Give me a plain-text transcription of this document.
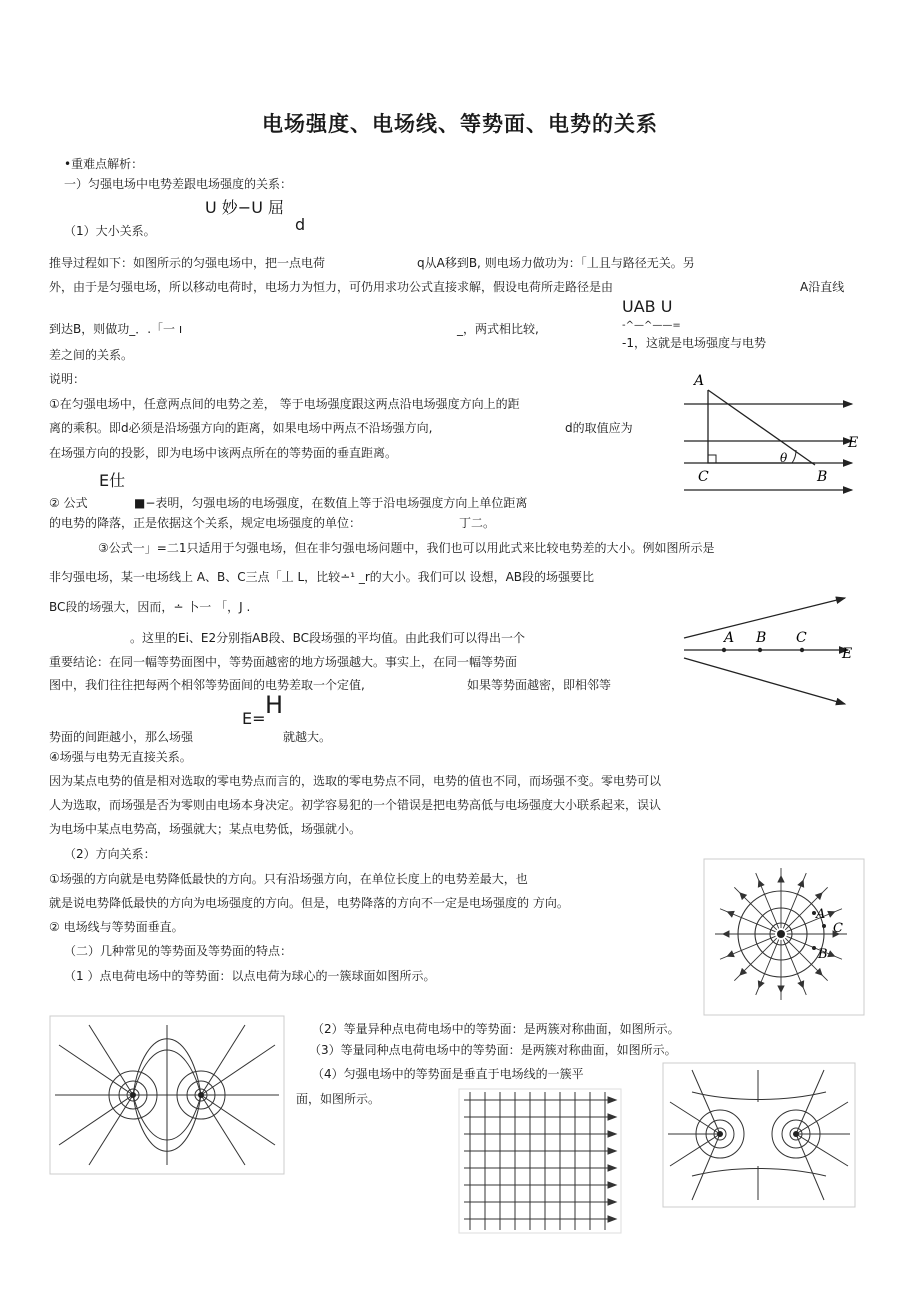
电场强度、电场线、等势面、电势的关系
•重难点解析：
一）匀强电场中电势差跟电场强度的关系：
U 妙−U 屈
d
（1）大小关系。
推导过程如下：如图所示的匀强电场中，把一点电荷	q从A移到B, 则电场力做功为：「丄且与路径无关。另
外，由于是匀强电场，所以移动电荷时，电场力为恒力，可仍用求功公式直接求解，假设电荷所走路径是由	A沿直线
UAB U
-^—^——=
到达B，则做功_．.「一 ı	_，两式相比较,
-1，这就是电场强度与电势
差之间的关系。
说明：
①在匀强电场中，任意两点间的电势之差， 等于电场强度跟这两点沿电场强度方向上的距
离的乘积。即d必须是沿场强方向的距离，如果电场中两点不沿场强方向,	d的取值应为
在场强方向的投影，即为电场中该两点所在的等势面的垂直距离。
E仕
② 公式	■−表明，匀强电场的电场强度，在数值上等于沿电场强度方向上单位距离
的电势的降落，正是依据这个关系，规定电场强度的单位：	丁二。
③公式一」=二1只适用于匀强电场，但在非匀强电场问题中，我们也可以用此式来比较电势差的大小。例如图所示是
非匀强电场，某一电场线上 A、B、C三点「丄 L，比较∸¹ _r的大小。我们可以 设想，AB段的场强要比
BC段的场强大，因而，∸ 卜一 「，J .
。这里的Ei、E2分别指AB段、BC段场强的平均值。由此我们可以得出一个
重要结论：在同一幅等势面图中，等势面越密的地方场强越大。事实上，在同一幅等势面
图中，我们往往把每两个相邻等势面间的电势差取一个定值,	如果等势面越密，即相邻等
E= H
势面的间距越小，那么场强	就越大。
④场强与电势无直接关系。
因为某点电势的值是相对选取的零电势点而言的，选取的零电势点不同，电势的值也不同，而场强不变。零电势可以
人为选取，而场强是否为零则由电场本身决定。初学容易犯的一个错误是把电势高低与电场强度大小联系起来，误认
为电场中某点电势高，场强就大；某点电势低，场强就小。
（2）方向关系：
①场强的方向就是电势降低最快的方向。只有沿场强方向，在单位长度上的电势差最大，也
就是说电势降低最快的方向为电场强度的方向。但是，电势降落的方向不一定是电场强度的 方向。
② 电场线与等势面垂直。
（二）几种常见的等势面及等势面的特点：
（1 ）点电荷电场中的等势面：以点电荷为球心的一簇球面如图所示。
（2）等量异种点电荷电场中的等势面：是两簇对称曲面，如图所示。
（3）等量同种点电荷电场中的等势面：是两簇对称曲面，如图所示。
（4）匀强电场中的等势面是垂直于电场线的一簇平
面，如图所示。
A
C	B
E
θ
A B C
E
A
C
B
